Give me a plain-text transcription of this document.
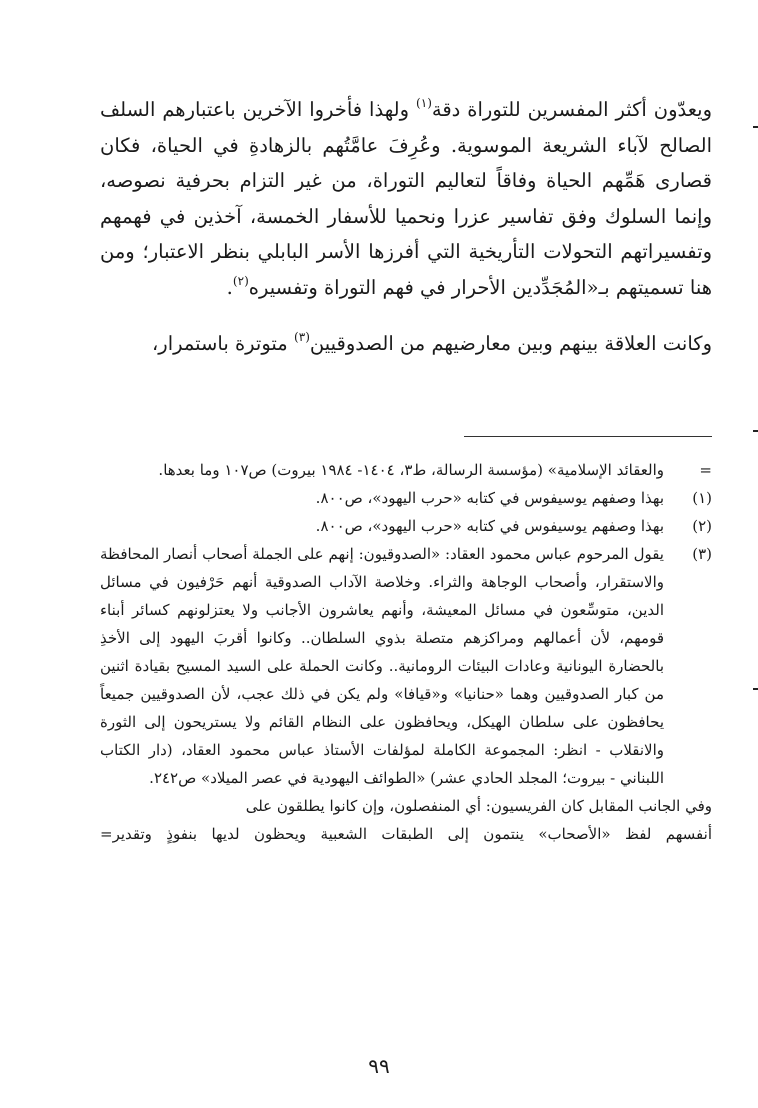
ويعدّون أكثر المفسرين للتوراة دقة$^{(١)}$ ولهذا فأخروا الآخرين باعتبارهم السلف الصالح لآباء الشريعة الموسوية. وعُرِفَ عامَّتُهم بالزهادةِ في الحياة، فكان قصارى هَمِّهم الحياة وفاقاً لتعاليم التوراة، من غير التزام بحرفية نصوصه، وإنما السلوك وفق تفاسير عزرا ونحميا للأسفار الخمسة، آخذين في فهمهم وتفسيراتهم التحولات التأريخية التي أفرزها الأسر البابلي بنظر الاعتبار؛ ومن هنا تسميتهم بـ«المُجَدِّدين الأحرار في فهم التوراة وتفسيره$^{(٢)}$.

وكانت العلاقة بينهم وبين معارضيهم من الصدوقيين$^{(٣)}$ متوترة باستمرار،

=
والعقائد الإسلامية» (مؤسسة الرسالة، ط٣، ١٤٠٤- ١٩٨٤ بيروت) ص١٠٧ وما بعدها.
(١)
بهذا وصفهم يوسيفوس في كتابه «حرب اليهود»، ص٨٠٠.
(٢)
بهذا وصفهم يوسيفوس في كتابه «حرب اليهود»، ص٨٠٠.
(٣)
يقول المرحوم عباس محمود العقاد: «الصدوقيون: إنهم على الجملة أصحاب أنصار المحافظة والاستقرار، وأصحاب الوجاهة والثراء. وخلاصة الآداب الصدوقية أنهم حَرْفيون في مسائل الدين، متوسِّعون في مسائل المعيشة، وأنهم يعاشرون الأجانب ولا يعتزلونهم كسائر أبناء قومهم، لأن أعمالهم ومراكزهم متصلة بذوي السلطان.. وكانوا أقربَ اليهود إلى الأخذِ بالحضارة اليونانية وعادات البيئات الرومانية.. وكانت الحملة على السيد المسيح بقيادة اثنين من كبار الصدوقيين وهما «حنانيا» و«قيافا» ولم يكن في ذلك عجب، لأن الصدوقيين جميعاً يحافظون على سلطان الهيكل، ويحافظون على النظام القائم ولا يستريحون إلى الثورة والانقلاب - انظر: المجموعة الكاملة لمؤلفات الأستاذ عباس محمود العقاد، (دار الكتاب اللبناني - بيروت؛ المجلد الحادي عشر) «الطوائف اليهودية في عصر الميلاد» ص٢٤٢.

وفي الجانب المقابل كان الفريسيون: أي المنفصلون، وإن كانوا يطلقون على

أنفسهم لفظ «الأصحاب» ينتمون إلى الطبقات الشعبية ويحظون لديها بنفوذٍ وتقدير=

٩٩
